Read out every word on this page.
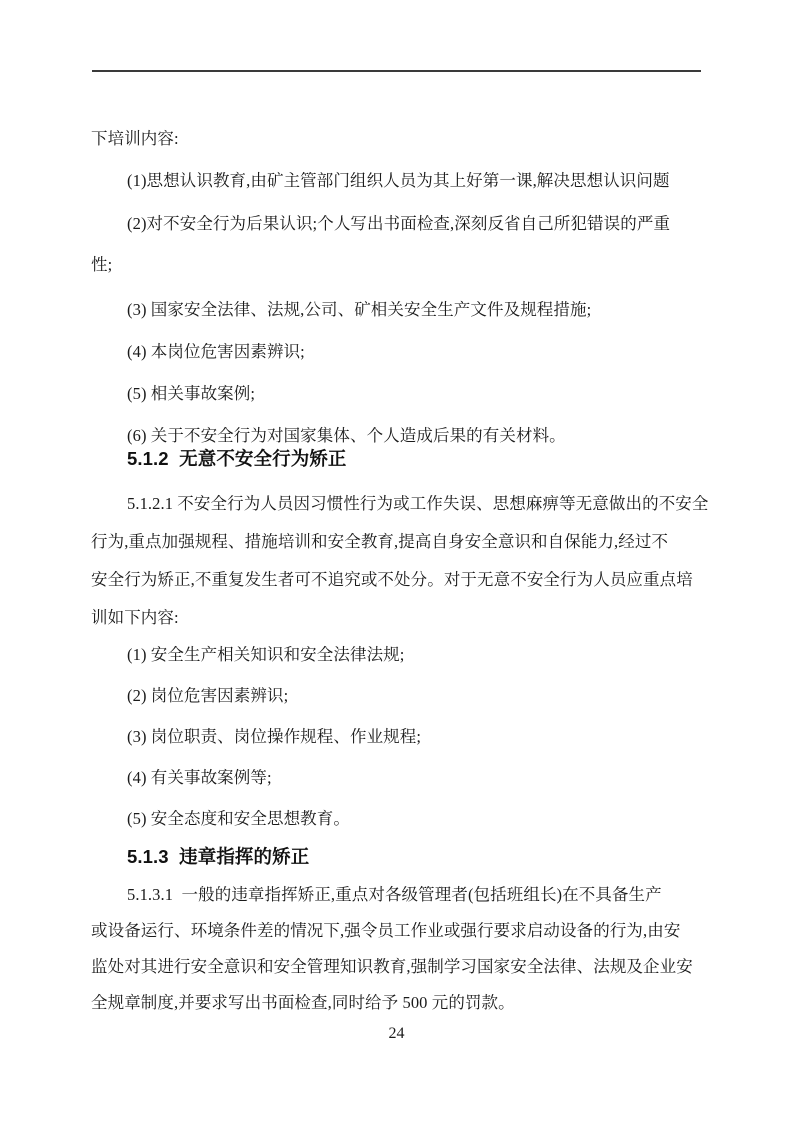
下培训内容:
(1)思想认识教育,由矿主管部门组织人员为其上好第一课,解决思想认识问题
(2)对不安全行为后果认识;个人写出书面检查,深刻反省自己所犯错误的严重
性;
(3) 国家安全法律、法规,公司、矿相关安全生产文件及规程措施;
(4) 本岗位危害因素辨识;
(5) 相关事故案例;
(6) 关于不安全行为对国家集体、个人造成后果的有关材料。
5.1.2  无意不安全行为矫正
5.1.2.1 不安全行为人员因习惯性行为或工作失误、思想麻痹等无意做出的不安全
行为,重点加强规程、措施培训和安全教育,提高自身安全意识和自保能力,经过不
安全行为矫正,不重复发生者可不追究或不处分。对于无意不安全行为人员应重点培
训如下内容:
(1) 安全生产相关知识和安全法律法规;
(2) 岗位危害因素辨识;
(3) 岗位职责、岗位操作规程、作业规程;
(4) 有关事故案例等;
(5) 安全态度和安全思想教育。
5.1.3  违章指挥的矫正
5.1.3.1  一般的违章指挥矫正,重点对各级管理者(包括班组长)在不具备生产
或设备运行、环境条件差的情况下,强令员工作业或强行要求启动设备的行为,由安
监处对其进行安全意识和安全管理知识教育,强制学习国家安全法律、法规及企业安
全规章制度,并要求写出书面检查,同时给予 500 元的罚款。
24
